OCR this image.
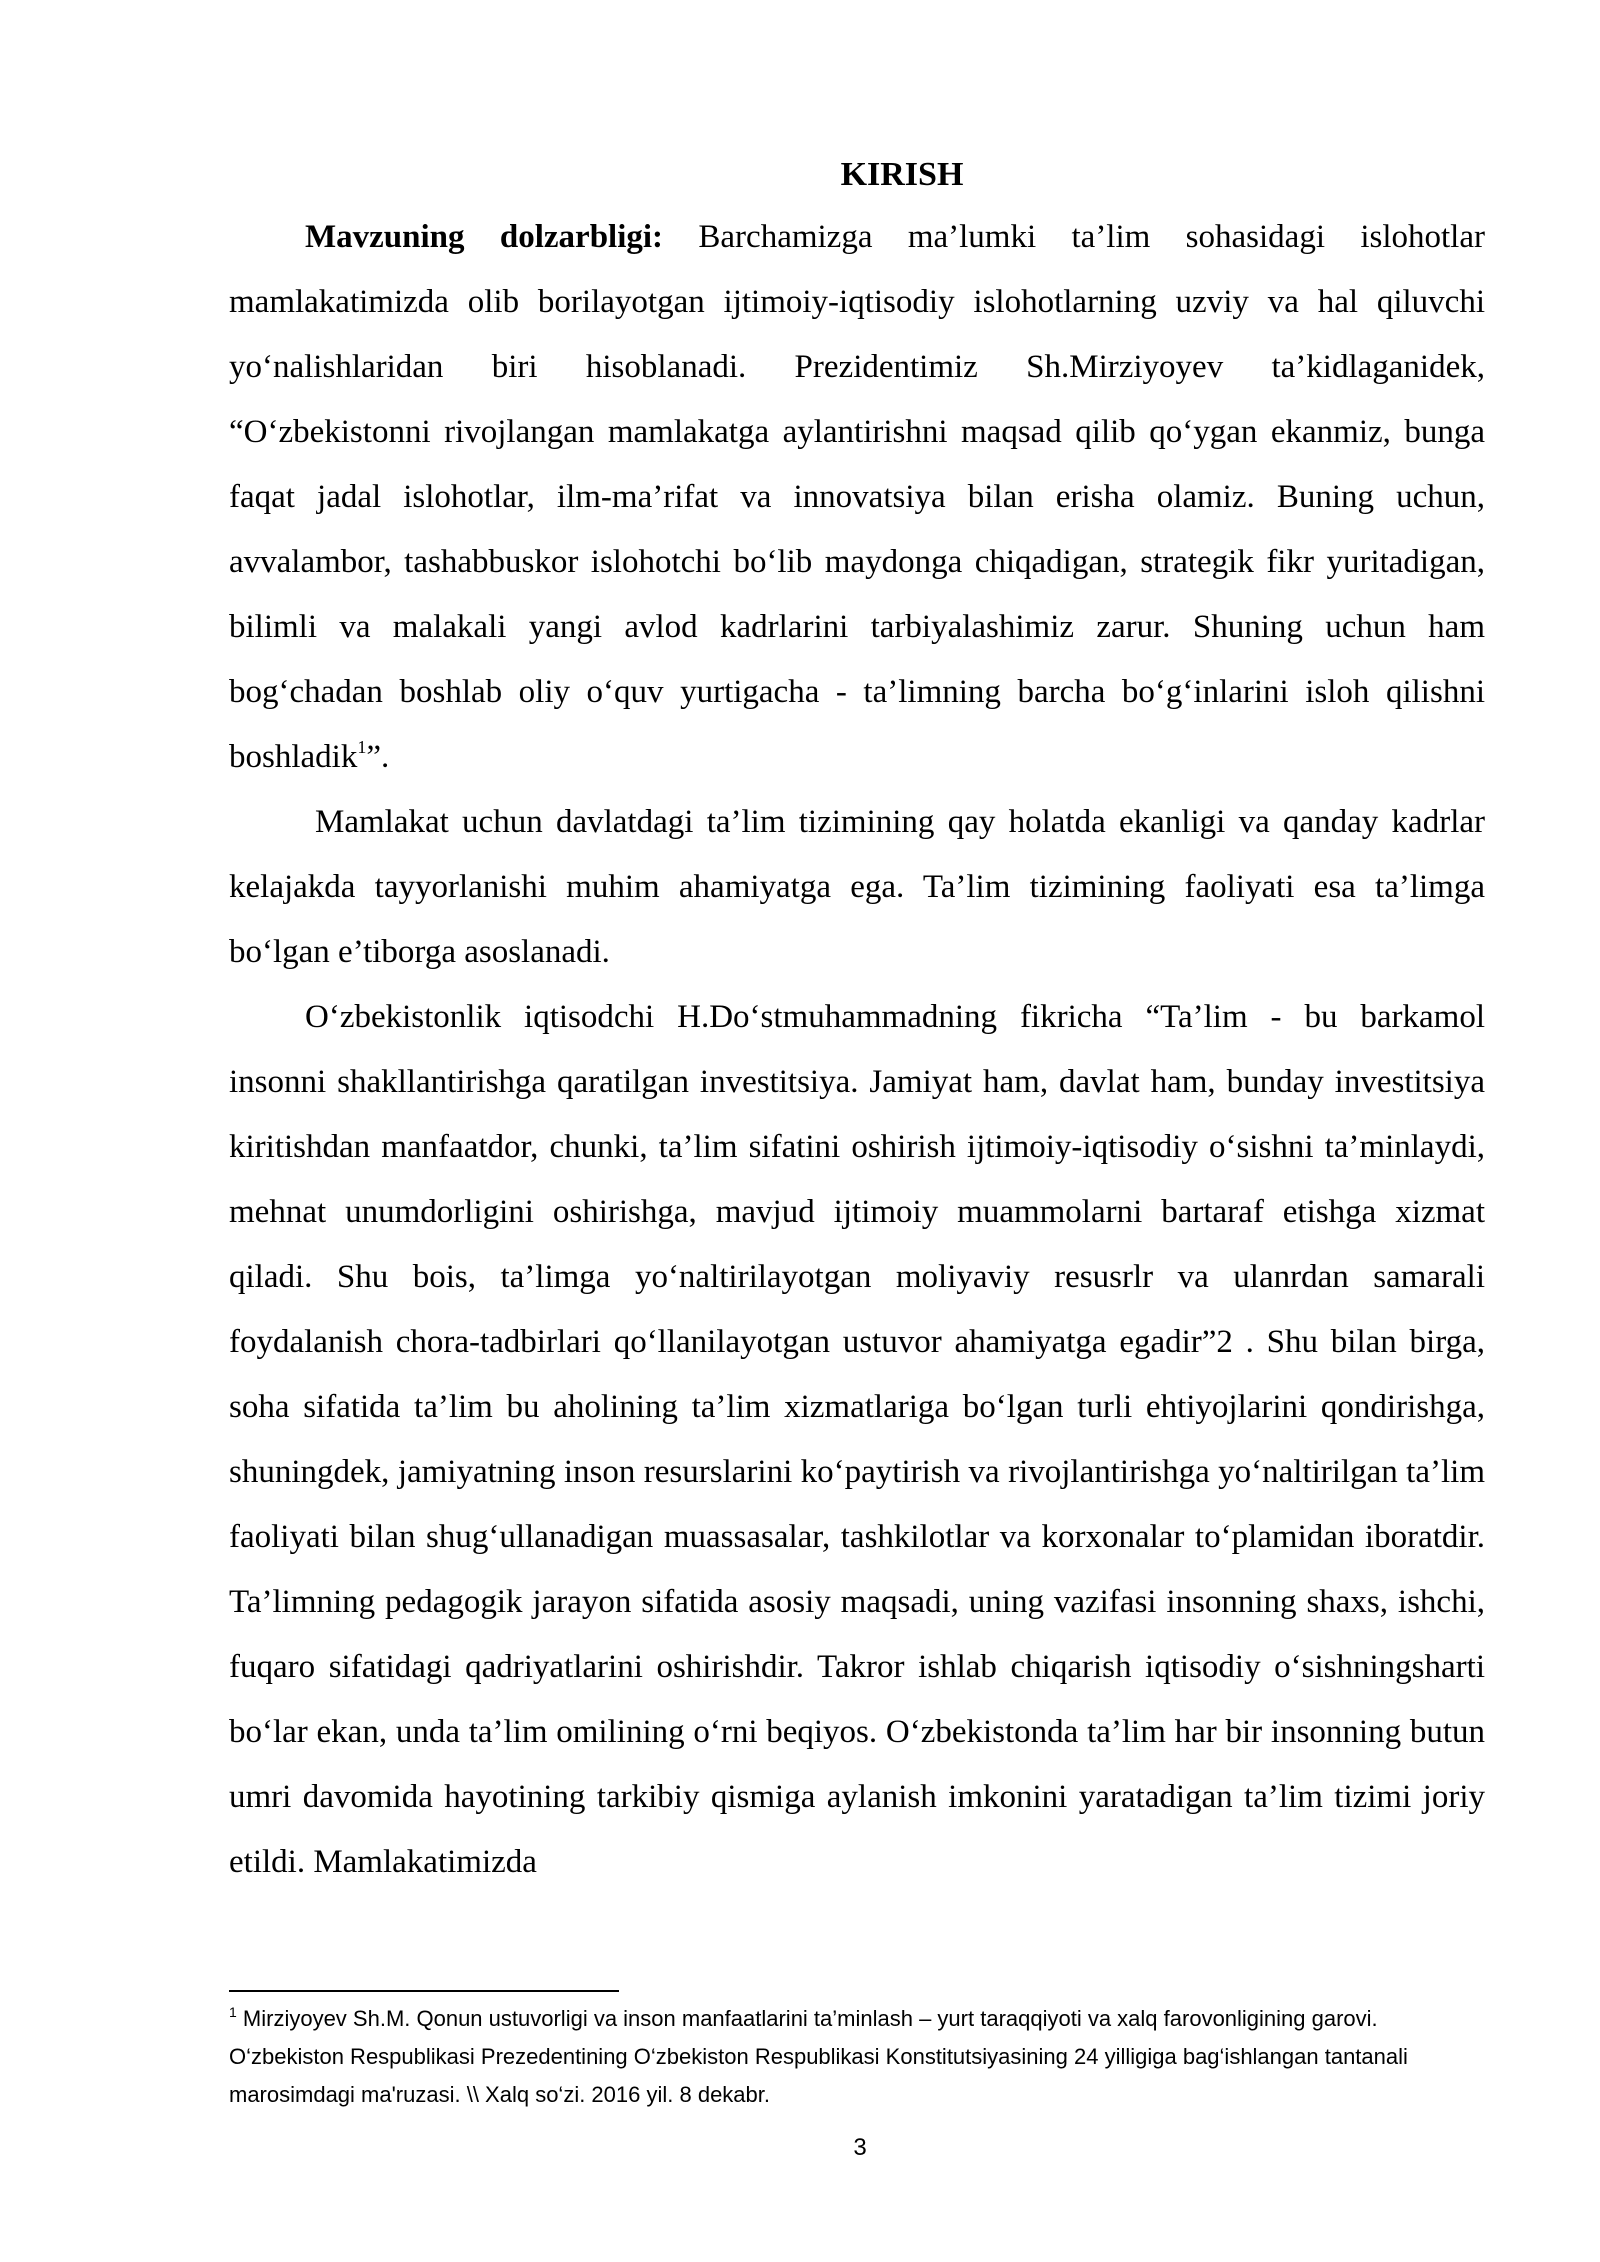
KIRISH

Mavzuning dolzarbligi: Barchamizga ma’lumki ta’lim sohasidagi islohotlar mamlakatimizda olib borilayotgan ijtimoiy-iqtisodiy islohotlarning uzviy va hal qiluvchi yo‘nalishlaridan biri hisoblanadi. Prezidentimiz Sh.Mirziyoyev ta’kidlaganidek, “O‘zbekistonni rivojlangan mamlakatga aylantirishni maqsad qilib qo‘ygan ekanmiz, bunga faqat jadal islohotlar, ilm-ma’rifat va innovatsiya bilan erisha olamiz. Buning uchun, avvalambor, tashabbuskor islohotchi bo‘lib maydonga chiqadigan, strategik fikr yuritadigan, bilimli va malakali yangi avlod kadrlarini tarbiyalashimiz zarur. Shuning uchun ham bog‘chadan boshlab oliy o‘quv yurtigacha - ta’limning barcha bo‘g‘inlarini isloh qilishni boshladik$^1$”.

Mamlakat uchun davlatdagi ta’lim tizimining qay holatda ekanligi va qanday kadrlar kelajakda tayyorlanishi muhim ahamiyatga ega. Ta’lim tizimining faoliyati esa ta’limga bo‘lgan e’tiborga asoslanadi.

O‘zbekistonlik iqtisodchi H.Do‘stmuhammadning fikricha “Ta’lim - bu barkamol insonni shakllantirishga qaratilgan investitsiya. Jamiyat ham, davlat ham, bunday investitsiya kiritishdan manfaatdor, chunki, ta’lim sifatini oshirish ijtimoiy-iqtisodiy o‘sishni ta’minlaydi, mehnat unumdorligini oshirishga, mavjud ijtimoiy muammolarni bartaraf etishga xizmat qiladi. Shu bois, ta’limga yo‘naltirilayotgan moliyaviy resusrlr va ulanrdan samarali foydalanish chora-tadbirlari qo‘llanilayotgan ustuvor ahamiyatga egadir”2 . Shu bilan birga, soha sifatida ta’lim bu aholining ta’lim xizmatlariga bo‘lgan turli ehtiyojlarini qondirishga, shuningdek, jamiyatning inson resurslarini ko‘paytirish va rivojlantirishga yo‘naltirilgan ta’lim faoliyati bilan shug‘ullanadigan muassasalar, tashkilotlar va korxonalar to‘plamidan iboratdir. Ta’limning pedagogik jarayon sifatida asosiy maqsadi, uning vazifasi insonning shaxs, ishchi, fuqaro sifatidagi qadriyatlarini oshirishdir. Takror ishlab chiqarish iqtisodiy o‘sishningsharti bo‘lar ekan, unda ta’lim omilining o‘rni beqiyos. O‘zbekistonda ta’lim har bir insonning butun umri davomida hayotining tarkibiy qismiga aylanish imkonini yaratadigan ta’lim tizimi joriy etildi. Mamlakatimizda

$^1$ Mirziyoyev Sh.M. Qonun ustuvorligi va inson manfaatlarini ta’minlash – yurt taraqqiyoti va xalq farovonligining garovi. O‘zbekiston Respublikasi Prezedentining O‘zbekiston Respublikasi Konstitutsiyasining 24 yilligiga bag‘ishlangan tantanali marosimdagi ma'ruzasi. \\ Xalq so‘zi. 2016 yil. 8 dekabr.
3
